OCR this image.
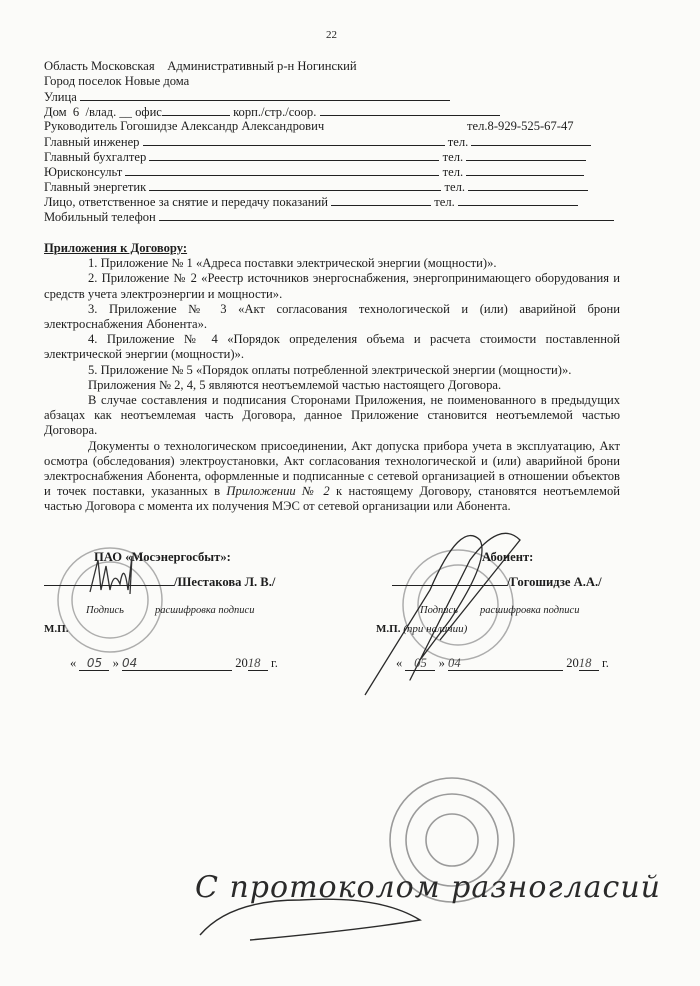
22
Область Московская Административный р-н Ногинский
Город поселок Новые дома
Улица
Дом 6 /влад. __ офис	корп./стр./соор.
Руководитель Гогошидзе Александр Александрович	тел.8-929-525-67-47
Главный инженер	тел.
Главный бухгалтер	тел.
Юрисконсульт	тел.
Главный энергетик	тел.
Лицо, ответственное за снятие и передачу показаний	тел.
Мобильный телефон
Приложения к Договору:
1. Приложение № 1 «Адреса поставки электрической энергии (мощности)».
2. Приложение № 2 «Реестр источников энергоснабжения, энергопринимающего оборудования и средств учета электроэнергии и мощности».
3. Приложение № 3 «Акт согласования технологической и (или) аварийной брони электроснабжения Абонента».
4. Приложение № 4 «Порядок определения объема и расчета стоимости поставленной электрической энергии (мощности)».
5. Приложение № 5 «Порядок оплаты потребленной электрической энергии (мощности)».
Приложения № 2, 4, 5 являются неотъемлемой частью настоящего Договора.
В случае составления и подписания Сторонами Приложения, не поименованного в предыдущих абзацах как неотъемлемая часть Договора, данное Приложение становится неотъемлемой частью Договора.
Документы о технологическом присоединении, Акт допуска прибора учета в эксплуатацию, Акт осмотра (обследования) электроустановки, Акт согласования технологической и (или) аварийной брони электроснабжения Абонента, оформленные и подписанные с сетевой организацией в отношении объектов и точек поставки, указанных в Приложении № 2 к настоящему Договору, становятся неотъемлемой частью Договора с момента их получения МЭС от сетевой организации или Абонента.
ПАО «Мосэнергосбыт»:
/Шестакова Л. В./
Подпись	расшифровка подписи
М.П.
« 05 » 04	2018 г.
Абонент:
/Гогошидзе А.А./
Подпись расшифровка подписи
М.П. (при наличии)
« 05 » 04	2018 г.
С протоколом разногласий
